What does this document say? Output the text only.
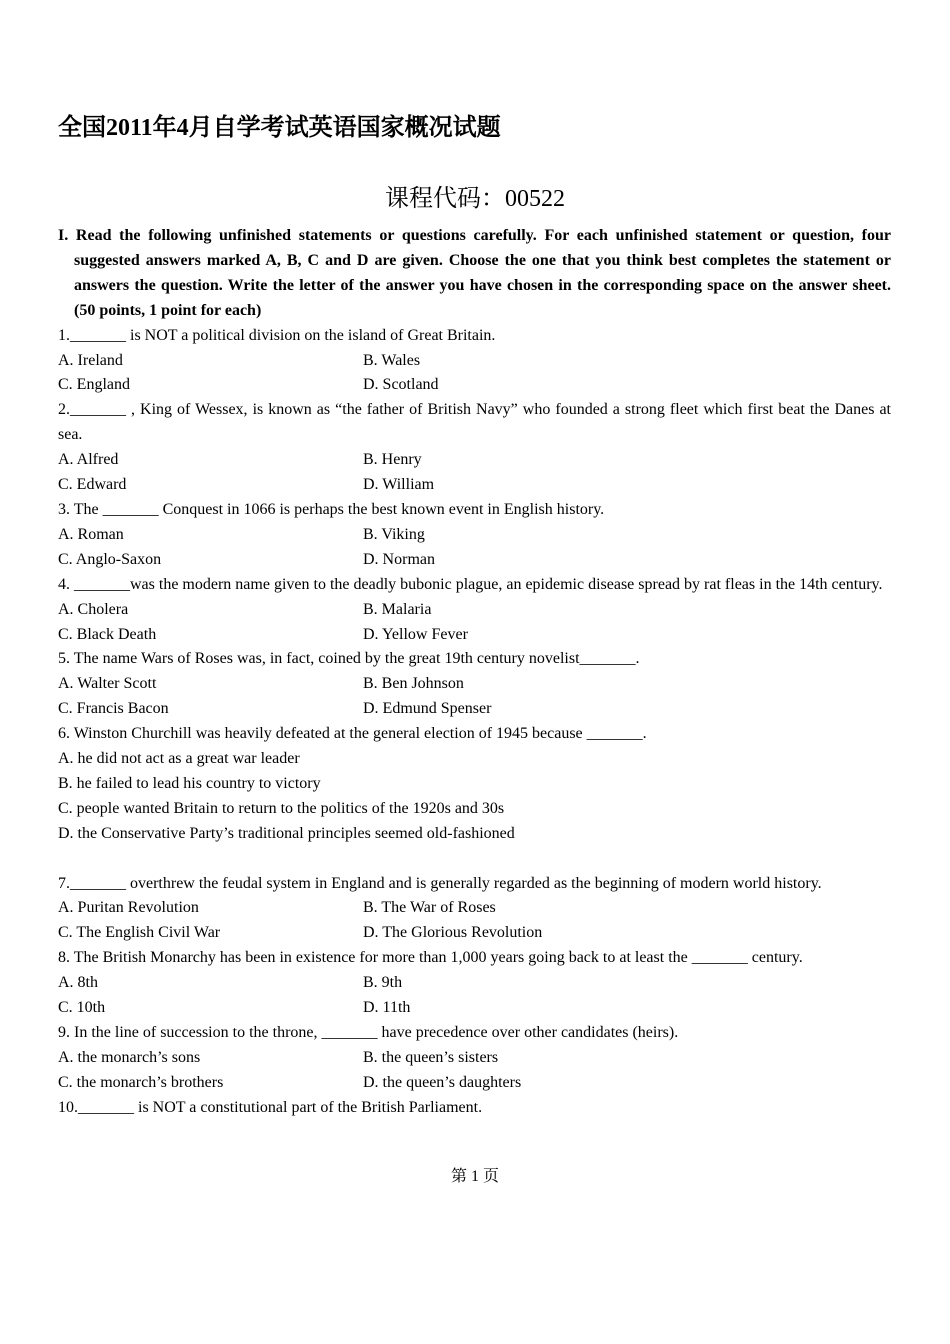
全国2011年4月自学考试英语国家概况试题
课程代码：00522
I. Read the following unfinished statements or questions carefully. For each unfinished statement or question, four suggested answers marked A, B, C and D are given. Choose the one that you think best completes the statement or answers the question. Write the letter of the answer you have chosen in the corresponding space on the answer sheet. (50 points, 1 point for each)
1._______ is NOT a political division on the island of Great Britain.
A. Ireland	B. Wales
C. England	D. Scotland
2._______ , King of Wessex, is known as “the father of British Navy” who founded a strong fleet which first beat the Danes at sea.
A. Alfred	B. Henry
C. Edward	D. William
3. The _______ Conquest in 1066 is perhaps the best known event in English history.
A. Roman	B. Viking
C. Anglo-Saxon	D. Norman
4. _______was the modern name given to the deadly bubonic plague, an epidemic disease spread by rat fleas in the 14th century.
A. Cholera	B. Malaria
C. Black Death	D. Yellow Fever
5. The name Wars of Roses was, in fact, coined by the great 19th century novelist_______.
A. Walter Scott	B. Ben Johnson
C. Francis Bacon	D. Edmund Spenser
6. Winston Churchill was heavily defeated at the general election of 1945 because _______.
A. he did not act as a great war leader
B. he failed to lead his country to victory
C. people wanted Britain to return to the politics of the 1920s and 30s
D. the Conservative Party’s traditional principles seemed old-fashioned
7._______ overthrew the feudal system in England and is generally regarded as the beginning of modern world history.
A. Puritan Revolution	B. The War of Roses
C. The English Civil War	D. The Glorious Revolution
8. The British Monarchy has been in existence for more than 1,000 years going back to at least the _______ century.
A. 8th	B. 9th
C. 10th	D. 11th
9. In the line of succession to the throne, _______ have precedence over other candidates (heirs).
A. the monarch’s sons	B. the queen’s sisters
C. the monarch’s brothers	D. the queen’s daughters
10._______ is NOT a constitutional part of the British Parliament.
第 1 页
